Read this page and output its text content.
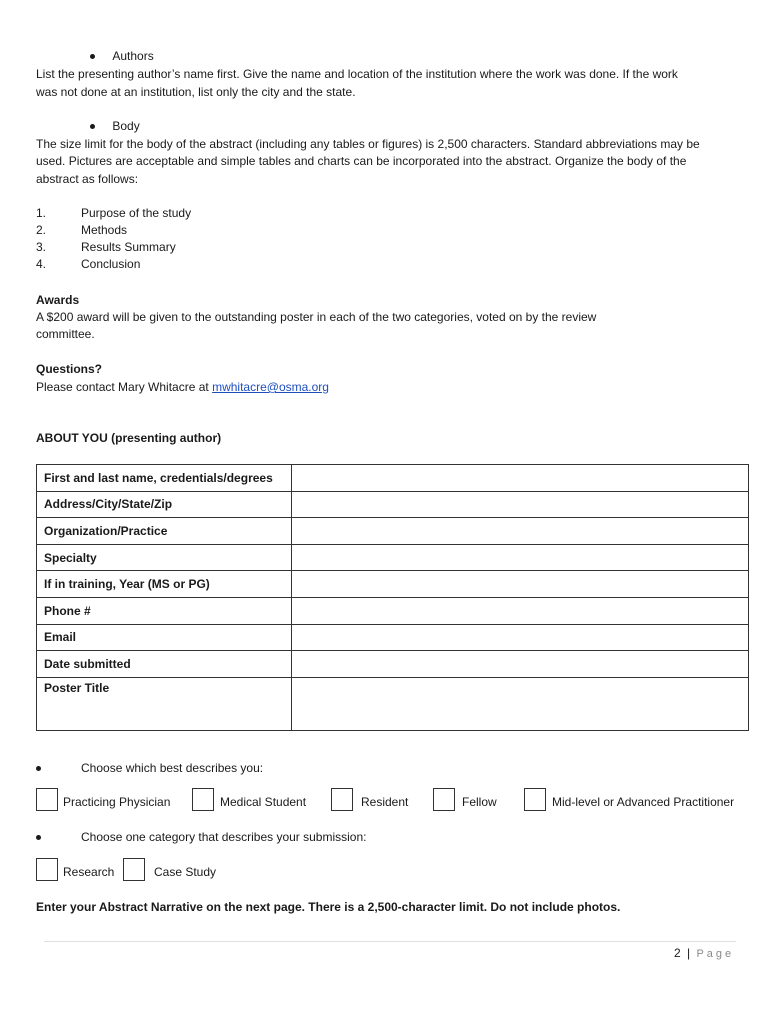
Authors
List the presenting author’s name first. Give the name and location of the institution where the work was done. If the work
was not done at an institution, list only the city and the state.
Body
The size limit for the body of the abstract (including any tables or figures) is 2,500 characters. Standard abbreviations may be
used. Pictures are acceptable and simple tables and charts can be incorporated into the abstract. Organize the body of the
abstract as follows:
1.	Purpose of the study
2.	Methods
3.	Results Summary
4.	Conclusion
Awards
A $200 award will be given to the outstanding poster in each of the two categories, voted on by the review
committee.
Questions?
Please contact Mary Whitacre at mwhitacre@osma.org
ABOUT YOU (presenting author)
First and last name, credentials/degrees	
Address/City/State/Zip	
Organization/Practice	
Specialty	
If in training, Year (MS or PG)	
Phone #	
Email	
Date submitted	
Poster Title	
Choose which best describes you:
Practicing Physician	Medical Student	Resident	Fellow	Mid-level or Advanced Practitioner
Choose one category that describes your submission:
Research	Case Study
Enter your Abstract Narrative on the next page. There is a 2,500-character limit. Do not include photos.
2 | P a g e
